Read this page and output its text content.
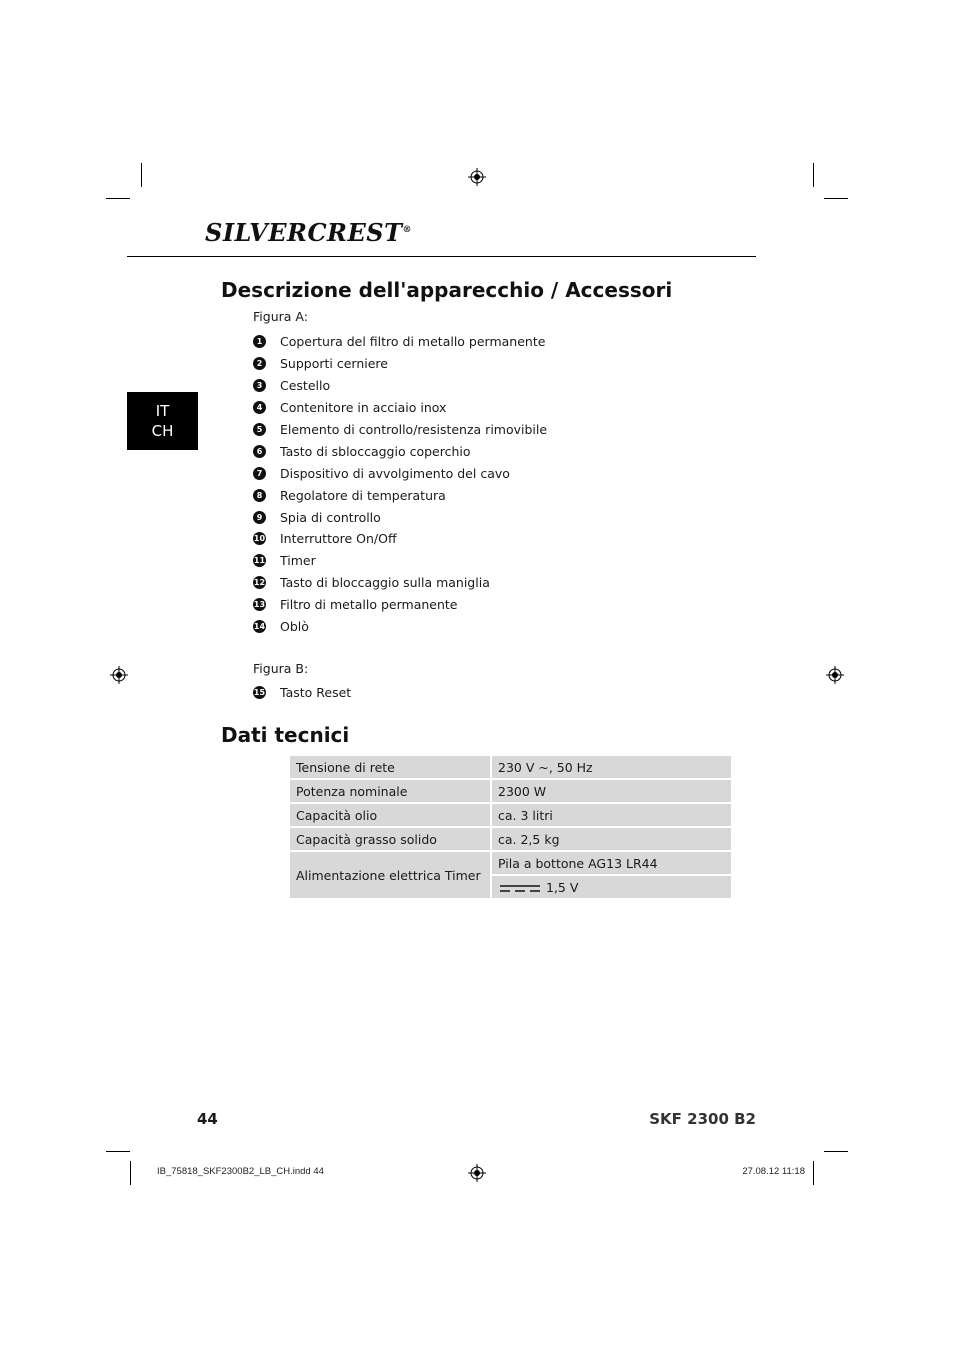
SILVERCREST®
IT
CH
Descrizione dell'apparecchio / Accessori
Figura A:
1 Copertura del filtro di metallo permanente
2 Supporti cerniere
3 Cestello
4 Contenitore in acciaio inox
5 Elemento di controllo/resistenza rimovibile
6 Tasto di sbloccaggio coperchio
7 Dispositivo di avvolgimento del cavo
8 Regolatore di temperatura
9 Spia di controllo
10 Interruttore On/Off
11 Timer
12 Tasto di bloccaggio sulla maniglia
13 Filtro di metallo permanente
14 Oblò
Figura B:
15 Tasto Reset
Dati tecnici
Tensione di rete	230 V ~, 50 Hz
Potenza nominale	2300 W
Capacità olio	ca. 3 litri
Capacità grasso solido	ca. 2,5 kg
Alimentazione elettrica Timer	Pila a bottone AG13 LR44
	1,5 V
44	SKF 2300 B2
IB_75818_SKF2300B2_LB_CH.indd 44	27.08.12 11:18
